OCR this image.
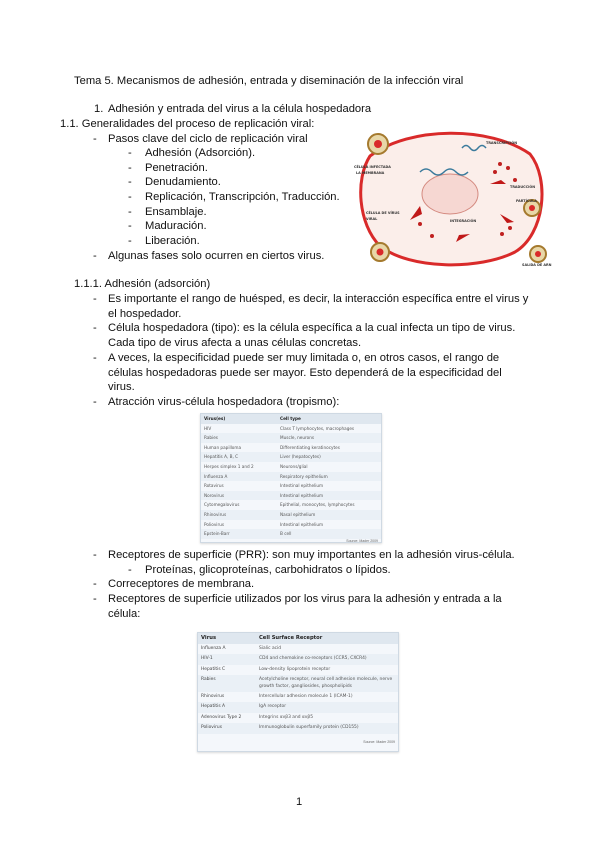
Tema 5. Mecanismos de adhesión, entrada y diseminación de la infección viral
1. Adhesión y entrada del virus a la célula hospedadora
1.1. Generalidades del proceso de replicación viral:
- Pasos clave del ciclo de replicación viral
- Adhesión (Adsorción).
- Penetración.
- Denudamiento.
- Replicación, Transcripción, Traducción.
- Ensamblaje.
- Maduración.
- Liberación.
- Algunas fases solo ocurren en ciertos virus.
CÉLULA INFECTADA
TRANSCRIPCIÓN
TRADUCCIÓN
INTEGRACIÓN
PARTÍCULA
CÉLULA DE VÍRUS
LA MEMBRANA
SALIDA DE ARN
VIRAL
1.1.1. Adhesión (adsorción)
- Es importante el rango de huésped, es decir, la interacción específica entre el virus y
el hospedador.
- Célula hospedadora (tipo): es la célula específica a la cual infecta un tipo de virus.
Cada tipo de virus afecta a unas células concretas.
- A veces, la especificidad puede ser muy limitada o, en otros casos, el rango de
células hospedadoras puede ser mayor. Esto dependerá de la especificidad del
virus.
- Atracción virus-célula hospedadora (tropismo):
Virus(es)	Cell type
HIV	Class T lymphocytes, macrophages
Rabies	Muscle, neurons
Human papilloma	Differentiating keratinocytes
Hepatitis A, B, C	Liver (hepatocytes)
Herpes simplex 1 and 2	Neurons/glial
Influenza A	Respiratory epithelium
Rotavirus	Intestinal epithelium
Norovirus	Intestinal epithelium
Cytomegalovirus	Epithelial, monocytes, lymphocytes
Rhinovirus	Nasal epithelium
Poliovirus	Intestinal epithelium
Epstein-Barr	B cell
Source: Mader 2009
- Receptores de superficie (PRR): son muy importantes en la adhesión virus-célula.
- Proteínas, glicoproteínas, carbohidratos o lípidos.
- Correceptores de membrana.
- Receptores de superficie utilizados por los virus para la adhesión y entrada a la
célula:
Virus	Cell Surface Receptor
Influenza A	Sialic acid
HIV-1	CD4 and chemokine co-receptors (CCR5, CXCR4)
Hepatitis C	Low-density lipoprotein receptor
Rabies	Acetylcholine receptor, neural cell adhesion molecule, nerve growth factor, gangliosides, phospholipids
Rhinovirus	Intercellular adhesion molecule 1 (ICAM-1)
Hepatitis A	IgA receptor
Adenovirus Type 2	Integrins αvβ3 and αvβ5
Poliovirus	Immunoglobulin superfamily protein (CD155)
Source: Mader 2009
1
